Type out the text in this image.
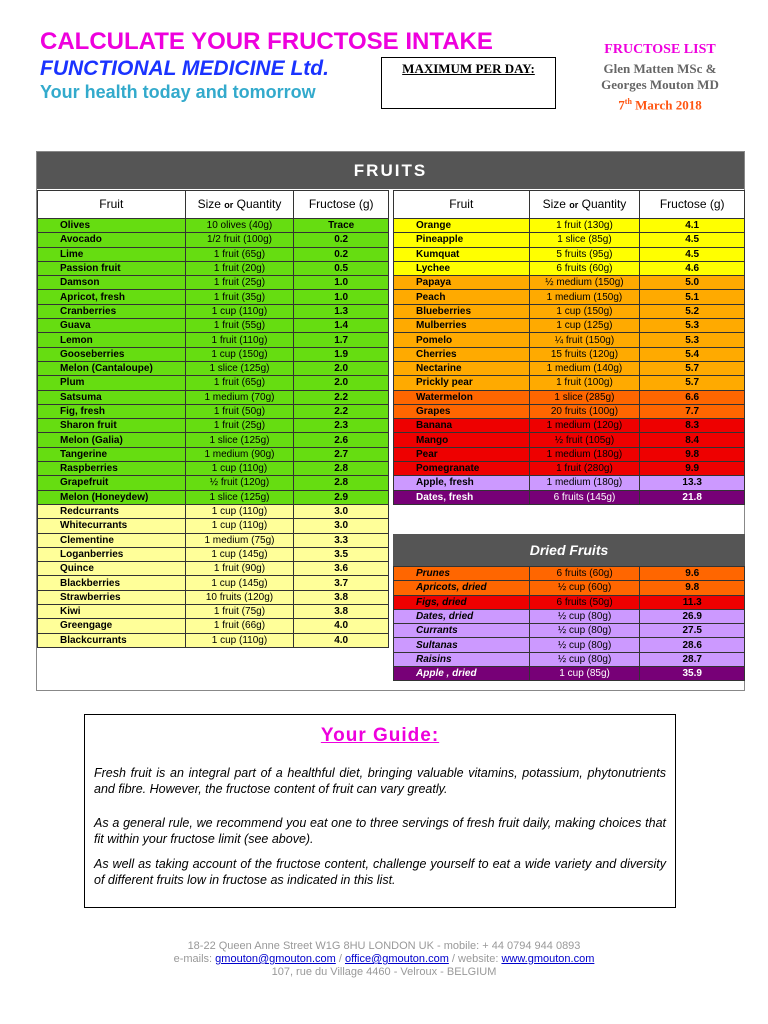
CALCULATE YOUR FRUCTOSE INTAKE
FUNCTIONAL MEDICINE Ltd.
Your health today and tomorrow
MAXIMUM PER DAY:
FRUCTOSE LIST
Glen Matten MSc &
Georges Mouton MD
7th March 2018
FRUITS
Fruit	Size or Quantity	Fructose (g)
Olives	10 olives (40g)	Trace
Avocado	1/2 fruit (100g)	0.2
Lime	1 fruit (65g)	0.2
Passion fruit	1 fruit (20g)	0.5
Damson	1 fruit (25g)	1.0
Apricot, fresh	1 fruit (35g)	1.0
Cranberries	1 cup (110g)	1.3
Guava	1 fruit (55g)	1.4
Lemon	1 fruit (110g)	1.7
Gooseberries	1 cup (150g)	1.9
Melon (Cantaloupe)	1 slice (125g)	2.0
Plum	1 fruit (65g)	2.0
Satsuma	1 medium (70g)	2.2
Fig, fresh	1 fruit (50g)	2.2
Sharon fruit	1 fruit (25g)	2.3
Melon (Galia)	1 slice (125g)	2.6
Tangerine	1 medium (90g)	2.7
Raspberries	1 cup (110g)	2.8
Grapefruit	½ fruit (120g)	2.8
Melon (Honeydew)	1 slice (125g)	2.9
Redcurrants	1 cup (110g)	3.0
Whitecurrants	1 cup (110g)	3.0
Clementine	1 medium (75g)	3.3
Loganberries	1 cup (145g)	3.5
Quince	1 fruit (90g)	3.6
Blackberries	1 cup (145g)	3.7
Strawberries	10 fruits (120g)	3.8
Kiwi	1 fruit (75g)	3.8
Greengage	1 fruit (66g)	4.0
Blackcurrants	1 cup (110g)	4.0
Fruit	Size or Quantity	Fructose (g)
Orange	1 fruit (130g)	4.1
Pineapple	1 slice (85g)	4.5
Kumquat	5 fruits (95g)	4.5
Lychee	6 fruits (60g)	4.6
Papaya	½ medium (150g)	5.0
Peach	1 medium (150g)	5.1
Blueberries	1 cup (150g)	5.2
Mulberries	1 cup (125g)	5.3
Pomelo	¼ fruit (150g)	5.3
Cherries	15 fruits (120g)	5.4
Nectarine	1 medium (140g)	5.7
Prickly pear	1 fruit (100g)	5.7
Watermelon	1 slice (285g)	6.6
Grapes	20 fruits (100g)	7.7
Banana	1 medium (120g)	8.3
Mango	½ fruit (105g)	8.4
Pear	1 medium (180g)	9.8
Pomegranate	1 fruit (280g)	9.9
Apple, fresh	1 medium (180g)	13.3
Dates, fresh	6 fruits (145g)	21.8
Dried Fruits
Prunes	6 fruits (60g)	9.6
Apricots, dried	½ cup (60g)	9.8
Figs, dried	6 fruits (50g)	11.3
Dates, dried	½ cup (80g)	26.9
Currants	½ cup (80g)	27.5
Sultanas	½ cup (80g)	28.6
Raisins	½ cup (80g)	28.7
Apple , dried	1 cup (85g)	35.9
Your Guide:

Fresh fruit is an integral part of a healthful diet, bringing valuable vitamins, potassium, phytonutrients and fibre. However, the fructose content of fruit can vary greatly.

As a general rule, we recommend you eat one to three servings of fresh fruit daily, making choices that fit within your fructose limit (see above).

As well as taking account of the fructose content, challenge yourself to eat a wide variety and diversity of different fruits low in fructose as indicated in this list.

18-22 Queen Anne Street W1G 8HU LONDON UK - mobile: + 44 0794 944 0893
e-mails: gmouton@gmouton.com / office@gmouton.com / website: www.gmouton.com
107, rue du Village 4460 - Velroux - BELGIUM
